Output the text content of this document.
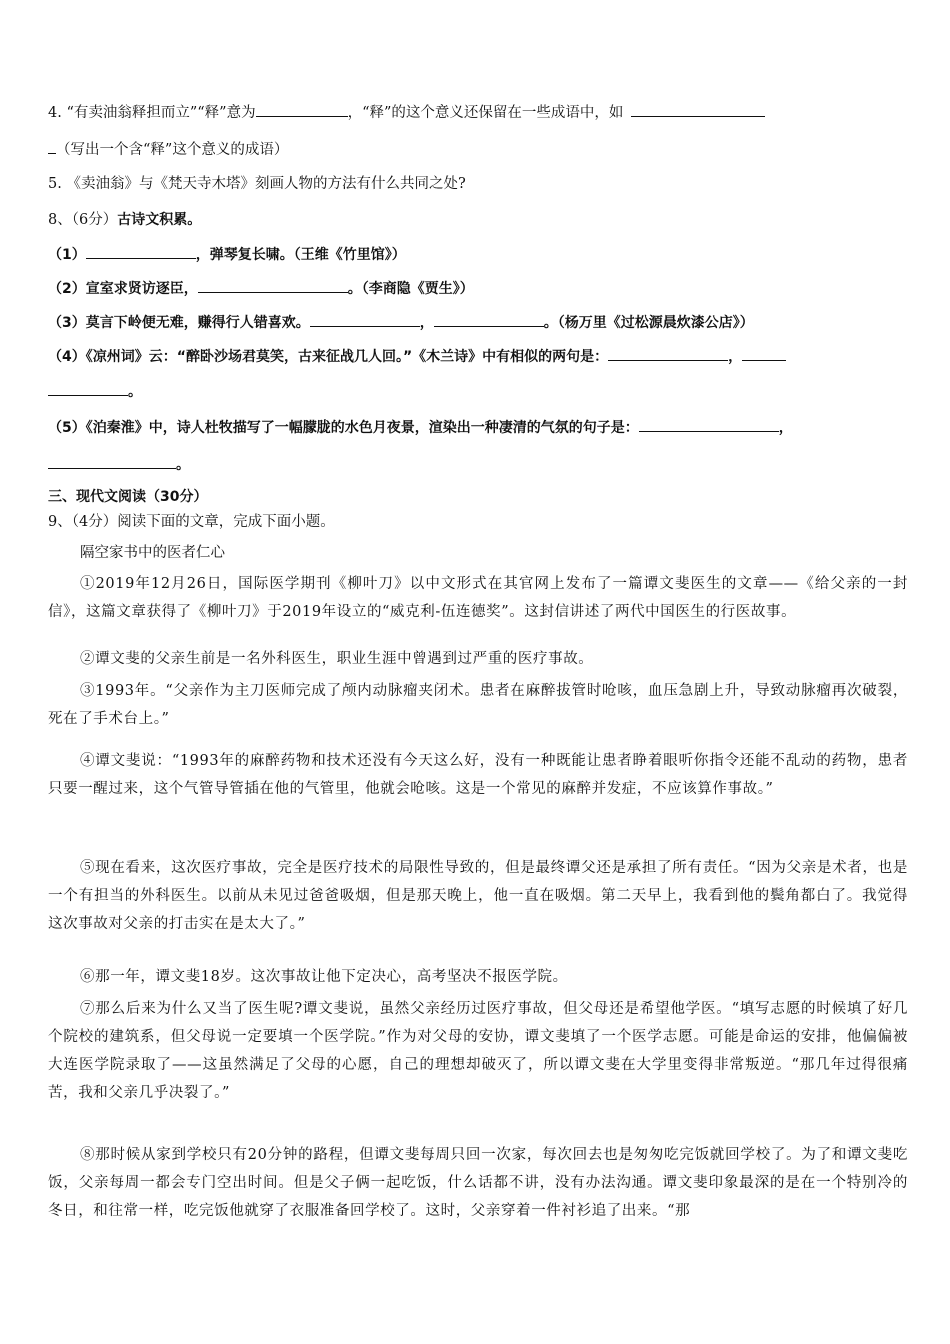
4. “有卖油翁释担而立”“释”意为	，“释”的这个意义还保留在一些成语中，如
（写出一个含“释”这个意义的成语）
5. 《卖油翁》与《梵天寺木塔》刻画人物的方法有什么共同之处?
8、（6分）古诗文积累。
（1）	，弹琴复长啸。（王维《竹里馆》）
（2）宣室求贤访逐臣，	。（李商隐《贾生》）
（3）莫言下岭便无难，赚得行人错喜欢。	，	。（杨万里《过松源晨炊漆公店》）
（4）《凉州词》云：“醉卧沙场君莫笑，古来征战几人回。”《木兰诗》中有相似的两句是：	，
。
（5）《泊秦淮》中，诗人杜牧描写了一幅朦胧的水色月夜景，渲染出一种凄清的气氛的句子是：	，
。
三、现代文阅读（30分）
9、（4分）阅读下面的文章，完成下面小题。
隔空家书中的医者仁心
①2019年12月26日，国际医学期刊《柳叶刀》以中文形式在其官网上发布了一篇谭文斐医生的文章——《给父亲的一封信》，这篇文章获得了《柳叶刀》于2019年设立的“威克利-伍连德奖”。这封信讲述了两代中国医生的行医故事。
②谭文斐的父亲生前是一名外科医生，职业生涯中曾遇到过严重的医疗事故。
③1993年。“父亲作为主刀医师完成了颅内动脉瘤夹闭术。患者在麻醉拔管时呛咳，血压急剧上升，导致动脉瘤再次破裂，死在了手术台上。”
④谭文斐说：“1993年的麻醉药物和技术还没有今天这么好，没有一种既能让患者睁着眼听你指令还能不乱动的药物，患者只要一醒过来，这个气管导管插在他的气管里，他就会呛咳。这是一个常见的麻醉并发症，不应该算作事故。”
⑤现在看来，这次医疗事故，完全是医疗技术的局限性导致的，但是最终谭父还是承担了所有责任。“因为父亲是术者，也是一个有担当的外科医生。以前从未见过爸爸吸烟，但是那天晚上，他一直在吸烟。第二天早上，我看到他的鬓角都白了。我觉得这次事故对父亲的打击实在是太大了。”
⑥那一年，谭文斐18岁。这次事故让他下定决心，高考坚决不报医学院。
⑦那么后来为什么又当了医生呢?谭文斐说，虽然父亲经历过医疗事故，但父母还是希望他学医。“填写志愿的时候填了好几个院校的建筑系，但父母说一定要填一个医学院。”作为对父母的安协，谭文斐填了一个医学志愿。可能是命运的安排，他偏偏被大连医学院录取了——这虽然满足了父母的心愿，自己的理想却破灭了，所以谭文斐在大学里变得非常叛逆。“那几年过得很痛苦，我和父亲几乎决裂了。”
⑧那时候从家到学校只有20分钟的路程，但谭文斐每周只回一次家，每次回去也是匆匆吃完饭就回学校了。为了和谭文斐吃饭，父亲每周一都会专门空出时间。但是父子俩一起吃饭，什么话都不讲，没有办法沟通。谭文斐印象最深的是在一个特别冷的冬日，和往常一样，吃完饭他就穿了衣服准备回学校了。这时，父亲穿着一件衬衫追了出来。“那
